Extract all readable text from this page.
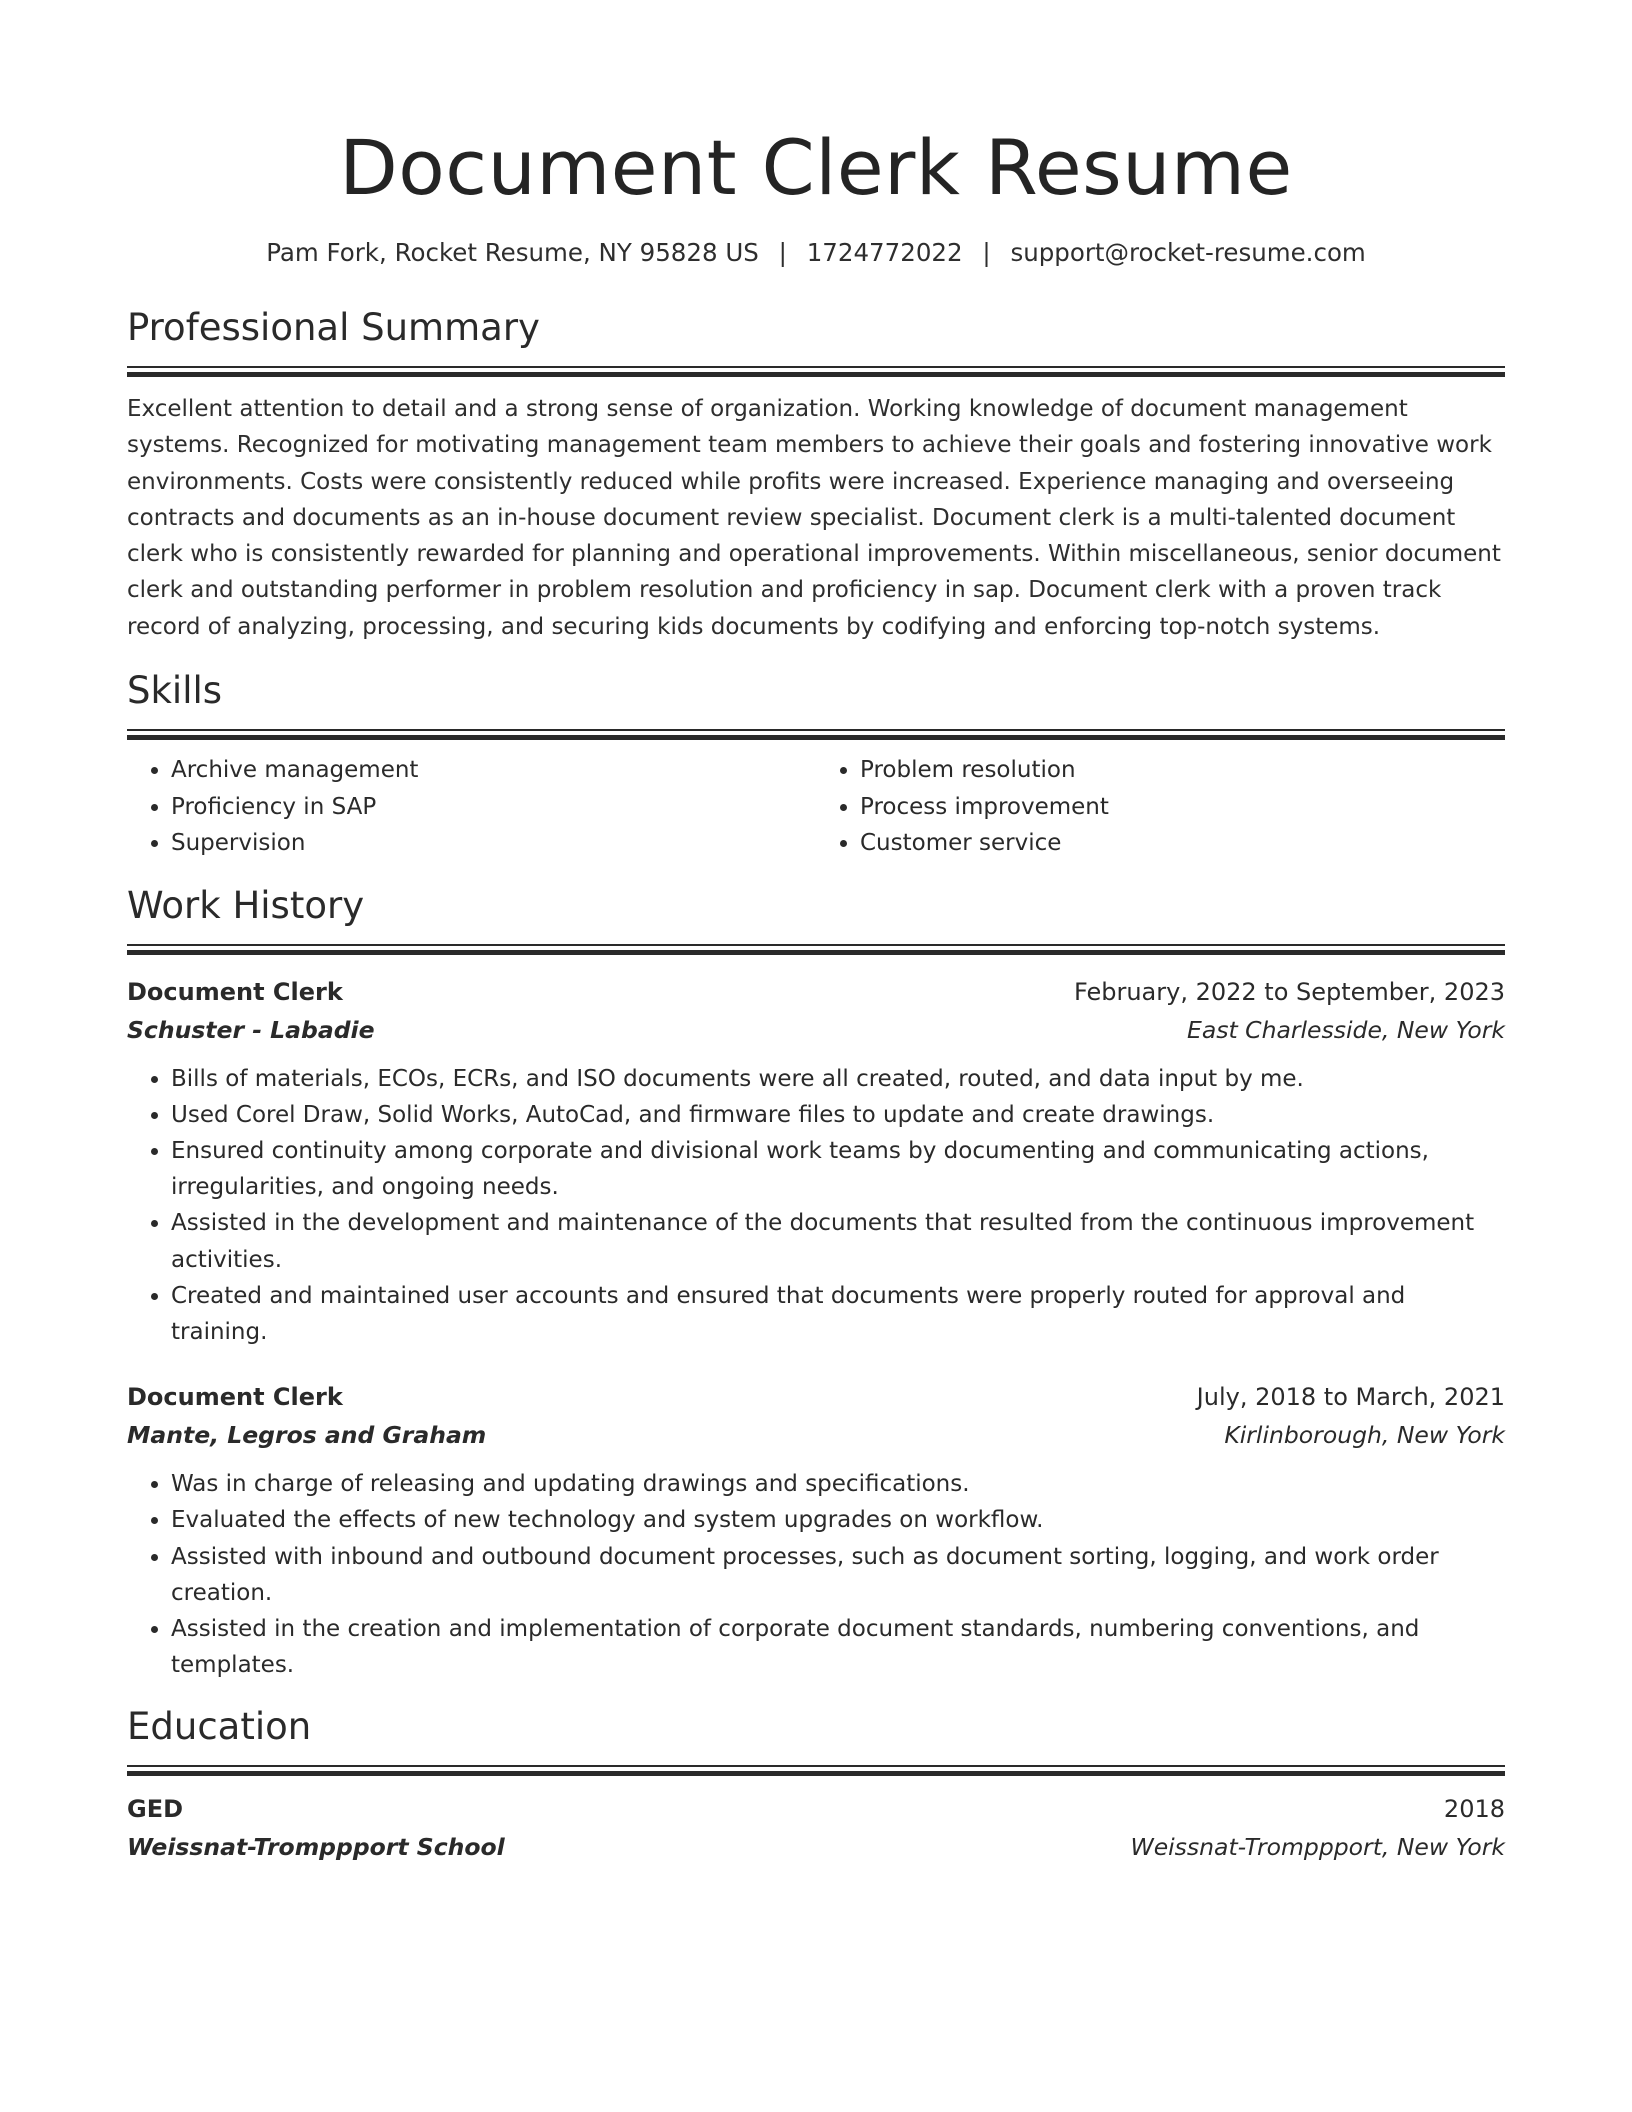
Document Clerk Resume
Pam Fork, Rocket Resume, NY 95828 US | 1724772022 | support@rocket-resume.com
Professional Summary
Excellent attention to detail and a strong sense of organization. Working knowledge of document management systems. Recognized for motivating management team members to achieve their goals and fostering innovative work environments. Costs were consistently reduced while profits were increased. Experience managing and overseeing contracts and documents as an in-house document review specialist. Document clerk is a multi-talented document clerk who is consistently rewarded for planning and operational improvements. Within miscellaneous, senior document clerk and outstanding performer in problem resolution and proficiency in sap. Document clerk with a proven track record of analyzing, processing, and securing kids documents by codifying and enforcing top-notch systems.
Skills
• Archive management
• Proficiency in SAP
• Supervision
• Problem resolution
• Process improvement
• Customer service
Work History
Document Clerk	February, 2022 to September, 2023
Schuster - Labadie	East Charlesside, New York
• Bills of materials, ECOs, ECRs, and ISO documents were all created, routed, and data input by me.
• Used Corel Draw, Solid Works, AutoCad, and firmware files to update and create drawings.
• Ensured continuity among corporate and divisional work teams by documenting and communicating actions, irregularities, and ongoing needs.
• Assisted in the development and maintenance of the documents that resulted from the continuous improvement activities.
• Created and maintained user accounts and ensured that documents were properly routed for approval and training.
Document Clerk	July, 2018 to March, 2021
Mante, Legros and Graham	Kirlinborough, New York
• Was in charge of releasing and updating drawings and specifications.
• Evaluated the effects of new technology and system upgrades on workflow.
• Assisted with inbound and outbound document processes, such as document sorting, logging, and work order creation.
• Assisted in the creation and implementation of corporate document standards, numbering conventions, and templates.
Education
GED	2018
Weissnat-Tromppport School	Weissnat-Tromppport, New York
